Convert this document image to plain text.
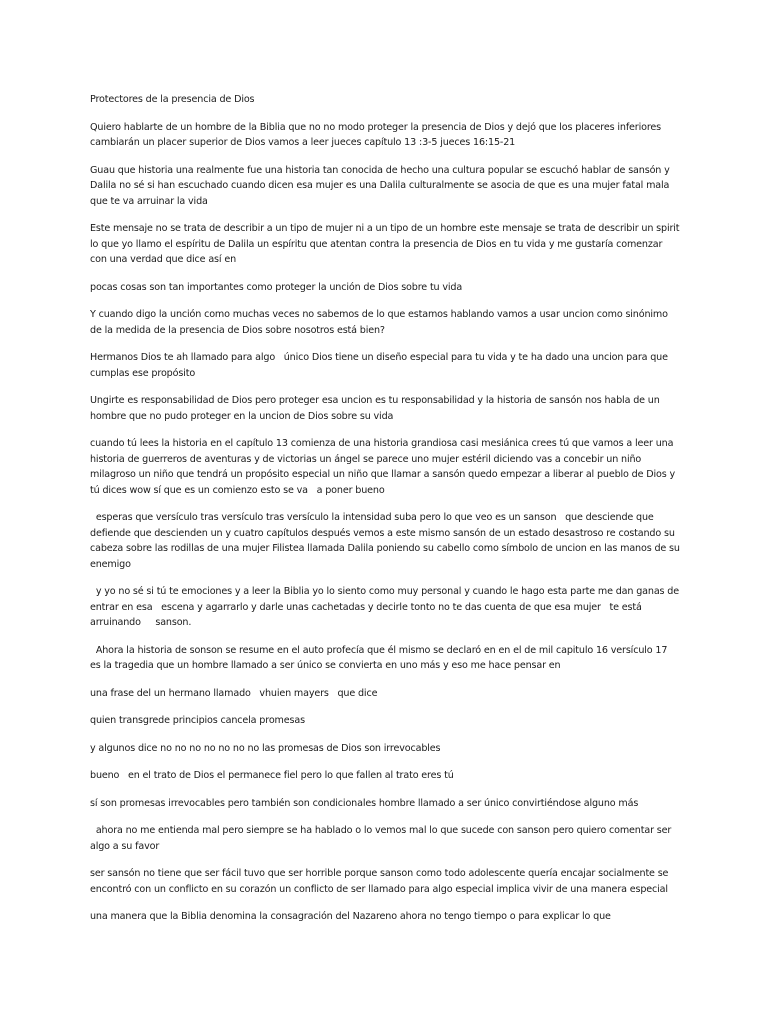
Protectores de la presencia de Dios

Quiero hablarte de un hombre de la Biblia que no no modo proteger la presencia de Dios y dejó que los placeres inferiores cambiarán un placer superior de Dios vamos a leer jueces capítulo 13 :3-5 jueces 16:15-21

Guau que historia una realmente fue una historia tan conocida de hecho una cultura popular se escuchó hablar de sansón y Dalila no sé si han escuchado cuando dicen esa mujer es una Dalila culturalmente se asocia de que es una mujer fatal mala que te va arruinar la vida

Este mensaje no se trata de describir a un tipo de mujer ni a un tipo de un hombre este mensaje se trata de describir un spirit lo que yo llamo el espíritu de Dalila un espíritu que atentan contra la presencia de Dios en tu vida y me gustaría comenzar con una verdad que dice así en

pocas cosas son tan importantes como proteger la unción de Dios sobre tu vida

Y cuando digo la unción como muchas veces no sabemos de lo que estamos hablando vamos a usar uncion como sinónimo de la medida de la presencia de Dios sobre nosotros está bien?

Hermanos Dios te ah llamado para algo   único Dios tiene un diseño especial para tu vida y te ha dado una uncion para que cumplas ese propósito

Ungirte es responsabilidad de Dios pero proteger esa uncion es tu responsabilidad y la historia de sansón nos habla de un hombre que no pudo proteger en la uncion de Dios sobre su vida

cuando tú lees la historia en el capítulo 13 comienza de una historia grandiosa casi mesiánica crees tú que vamos a leer una historia de guerreros de aventuras y de victorias un ángel se parece uno mujer estéril diciendo vas a concebir un niño milagroso un niño que tendrá un propósito especial un niño que llamar a sansón quedo empezar a liberar al pueblo de Dios y tú dices wow sí que es un comienzo esto se va   a poner bueno

esperas que versículo tras versículo tras versículo la intensidad suba pero lo que veo es un sanson   que desciende que defiende que descienden un y cuatro capítulos después vemos a este mismo sansón de un estado desastroso re costando su cabeza sobre las rodillas de una mujer Filistea llamada Dalila poniendo su cabello como símbolo de uncion en las manos de su enemigo

y yo no sé si tú te emociones y a leer la Biblia yo lo siento como muy personal y cuando le hago esta parte me dan ganas de entrar en esa   escena y agarrarlo y darle unas cachetadas y decirle tonto no te das cuenta de que esa mujer   te está arruinando     sanson.

Ahora la historia de sonson se resume en el auto profecía que él mismo se declaró en en el de mil capitulo 16 versículo 17 es la tragedia que un hombre llamado a ser único se convierta en uno más y eso me hace pensar en

una frase del un hermano llamado   vhuien mayers   que dice

quien transgrede principios cancela promesas

y algunos dice no no no no no no no las promesas de Dios son irrevocables

bueno   en el trato de Dios el permanece fiel pero lo que fallen al trato eres tú

sí son promesas irrevocables pero también son condicionales hombre llamado a ser único convirtiéndose alguno más

ahora no me entienda mal pero siempre se ha hablado o lo vemos mal lo que sucede con sanson pero quiero comentar ser algo a su favor

ser sansón no tiene que ser fácil tuvo que ser horrible porque sanson como todo adolescente quería encajar socialmente se encontró con un conflicto en su corazón un conflicto de ser llamado para algo especial implica vivir de una manera especial

una manera que la Biblia denomina la consagración del Nazareno ahora no tengo tiempo o para explicar lo que
